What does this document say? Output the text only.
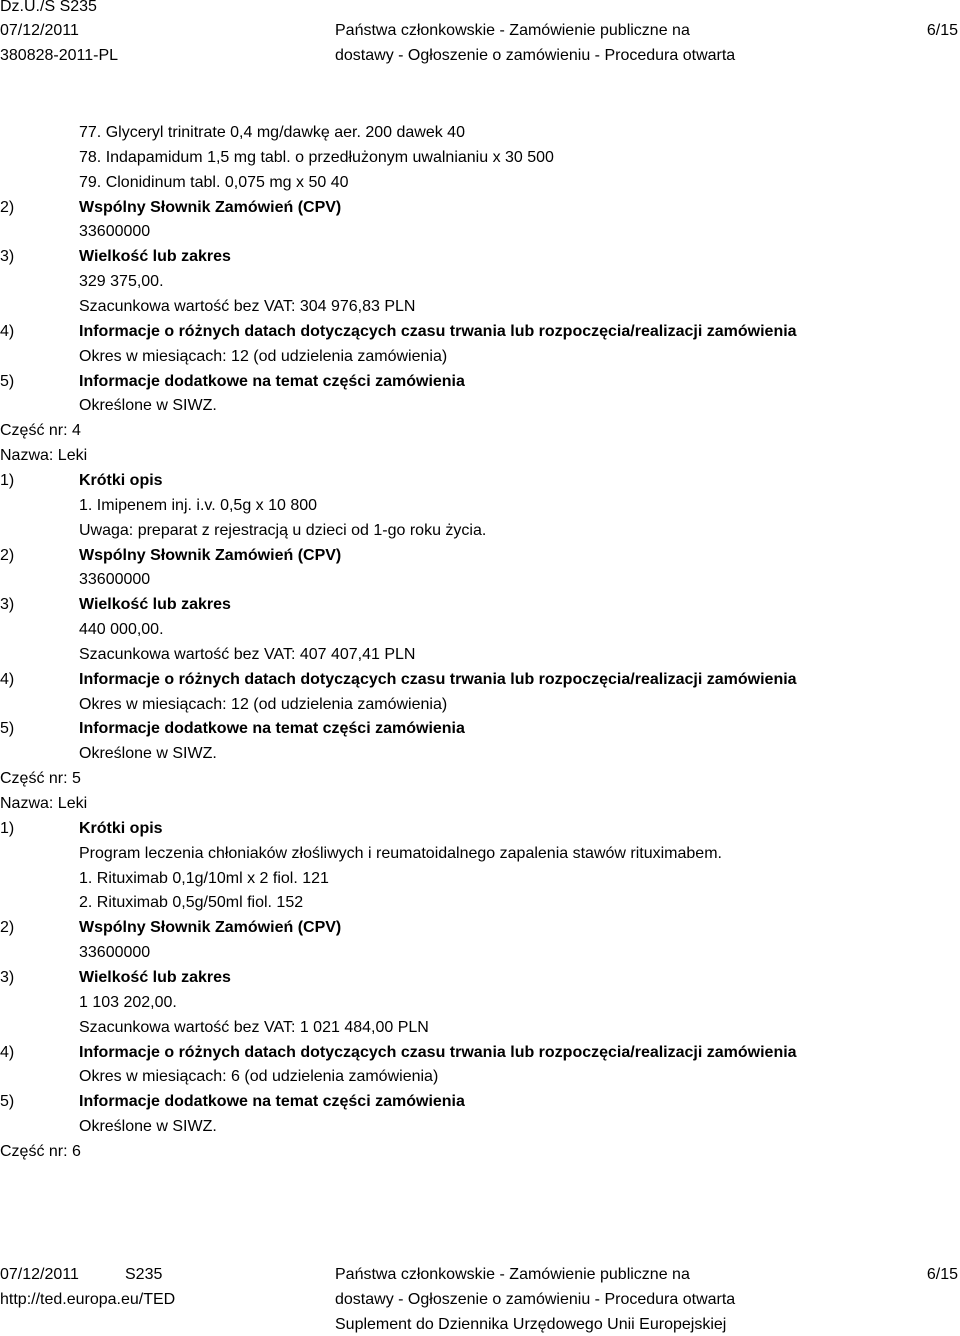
Dz.U./S S235
07/12/2011
380828-2011-PL
Państwa członkowskie - Zamówienie publiczne na
dostawy - Ogłoszenie o zamówieniu - Procedura otwarta
6/15
77. Glyceryl trinitrate 0,4 mg/dawkę aer. 200 dawek 40
78. Indapamidum 1,5 mg tabl. o przedłużonym uwalnianiu x 30 500
79. Clonidinum tabl. 0,075 mg x 50 40
2)	Wspólny Słownik Zamówień (CPV)
33600000
3)	Wielkość lub zakres
329 375,00.
Szacunkowa wartość bez VAT: 304 976,83 PLN
4)	Informacje o różnych datach dotyczących czasu trwania lub rozpoczęcia/realizacji zamówienia
Okres w miesiącach: 12 (od udzielenia zamówienia)
5)	Informacje dodatkowe na temat części zamówienia
Określone w SIWZ.
Część nr: 4
Nazwa: Leki
1)	Krótki opis
1. Imipenem inj. i.v. 0,5g x 10 800
Uwaga: preparat z rejestracją u dzieci od 1-go roku życia.
2)	Wspólny Słownik Zamówień (CPV)
33600000
3)	Wielkość lub zakres
440 000,00.
Szacunkowa wartość bez VAT: 407 407,41 PLN
4)	Informacje o różnych datach dotyczących czasu trwania lub rozpoczęcia/realizacji zamówienia
Okres w miesiącach: 12 (od udzielenia zamówienia)
5)	Informacje dodatkowe na temat części zamówienia
Określone w SIWZ.
Część nr: 5
Nazwa: Leki
1)	Krótki opis
Program leczenia chłoniaków złośliwych i reumatoidalnego zapalenia stawów rituximabem.
1. Rituximab 0,1g/10ml x 2 fiol. 121
2. Rituximab 0,5g/50ml fiol. 152
2)	Wspólny Słownik Zamówień (CPV)
33600000
3)	Wielkość lub zakres
1 103 202,00.
Szacunkowa wartość bez VAT: 1 021 484,00 PLN
4)	Informacje o różnych datach dotyczących czasu trwania lub rozpoczęcia/realizacji zamówienia
Okres w miesiącach: 6 (od udzielenia zamówienia)
5)	Informacje dodatkowe na temat części zamówienia
Określone w SIWZ.
Część nr: 6
07/12/2011	S235
http://ted.europa.eu/TED
Państwa członkowskie - Zamówienie publiczne na
dostawy - Ogłoszenie o zamówieniu - Procedura otwarta
Suplement do Dziennika Urzędowego Unii Europejskiej
6/15
